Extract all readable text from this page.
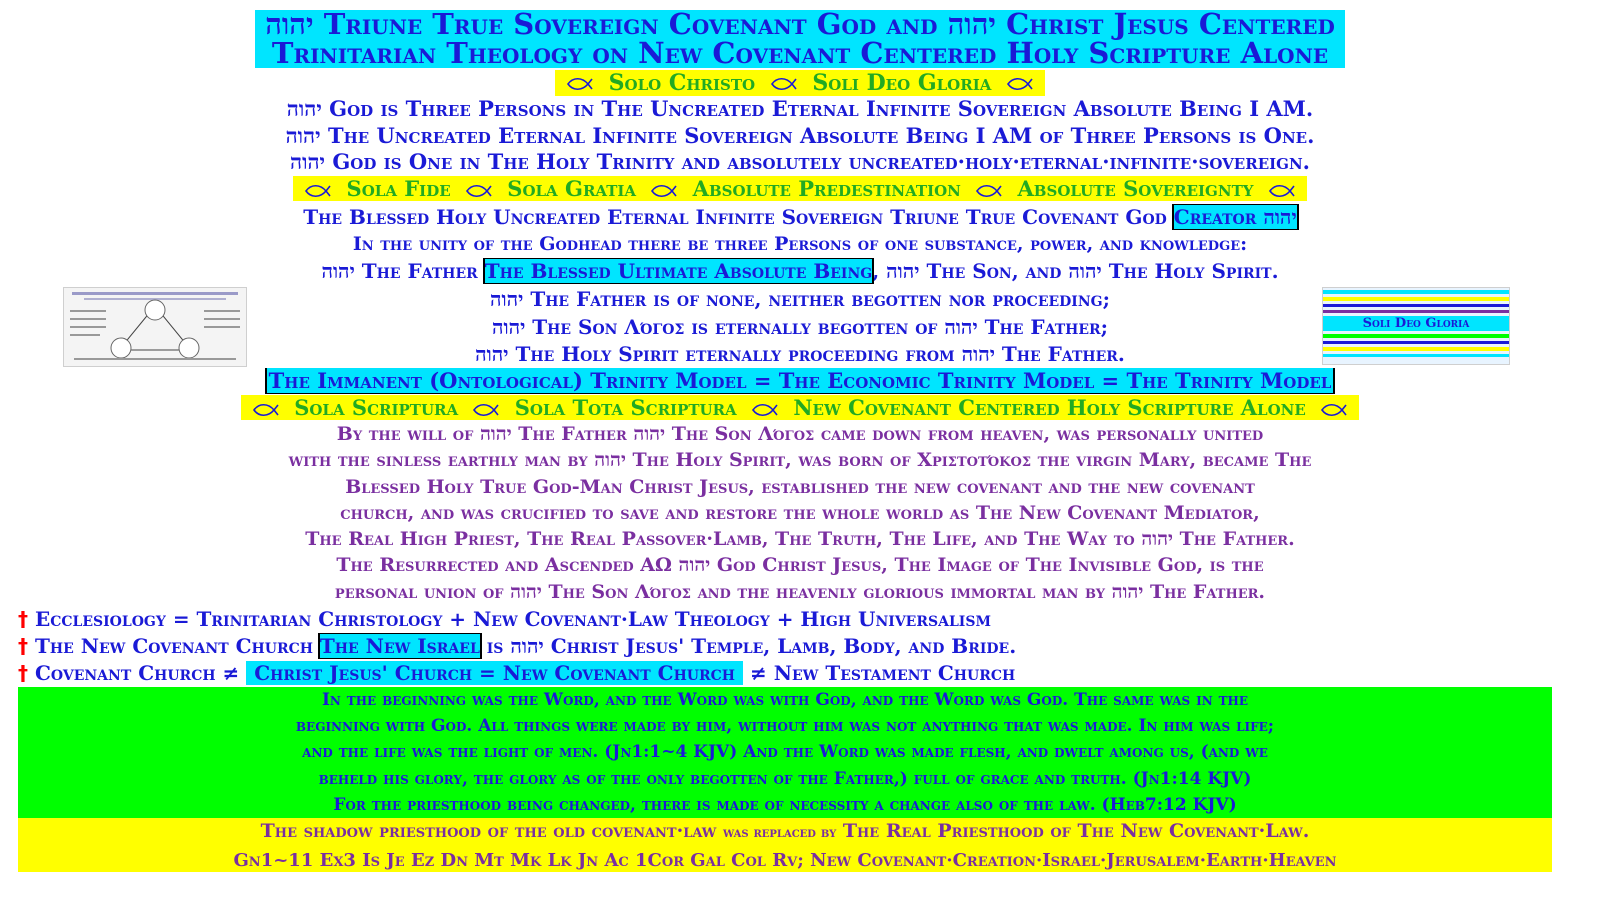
יהוה Triune True Sovereign Covenant God and יהוה Christ Jesus Centered
Trinitarian Theology on New Covenant Centered Holy Scripture Alone
Solo Christo	Soli Deo Gloria
יהוה God is Three Persons in The Uncreated Eternal Infinite Sovereign Absolute Being I AM.
יהוה The Uncreated Eternal Infinite Sovereign Absolute Being I AM of Three Persons is One.
יהוה God is One in The Holy Trinity and absolutely uncreated·holy·eternal·infinite·sovereign.
Sola Fide	Sola Gratia	Absolute Predestination	Absolute Sovereignty
The Blessed Holy Uncreated Eternal Infinite Sovereign Triune True Covenant God Creator יהוה
In the unity of the Godhead there be three Persons of one substance, power, and knowledge:
יהוה The Father The Blessed Ultimate Absolute Being, יהוה The Son, and יהוה The Holy Spirit.
יהוה The Father is of none, neither begotten nor proceeding;
יהוה The Son Λόγος is eternally begotten of יהוה The Father;
יהוה The Holy Spirit eternally proceeding from יהוה The Father.
Soli Deo Gloria
The Immanent (Ontological) Trinity Model = The Economic Trinity Model = The Trinity Model
Sola Scriptura	Sola Tota Scriptura	New Covenant Centered Holy Scripture Alone
By the will of יהוה The Father יהוה The Son Λόγος came down from heaven, was personally united
with the sinless earthly man by יהוה The Holy Spirit, was born of Χριστοτόκος the virgin Mary, became The
Blessed Holy True God-Man Christ Jesus, established the new covenant and the new covenant
church, and was crucified to save and restore the whole world as The New Covenant Mediator,
The Real High Priest, The Real Passover·Lamb, The Truth, The Life, and The Way to יהוה The Father.
The Resurrected and Ascended ΑΩ יהוה God Christ Jesus, The Image of The Invisible God, is the
personal union of יהוה The Son Λόγος and the heavenly glorious immortal man by יהוה The Father.
† Ecclesiology = Trinitarian Christology + New Covenant·Law Theology + High Universalism
† The New Covenant Church The New Israel is יהוה Christ Jesus' Temple, Lamb, Body, and Bride.
† Covenant Church ≠ Christ Jesus' Church = New Covenant Church ≠ New Testament Church
In the beginning was the Word, and the Word was with God, and the Word was God. The same was in the
beginning with God. All things were made by him, without him was not anything that was made. In him was life;
and the life was the light of men. (Jn1:1~4 KJV) And the Word was made flesh, and dwelt among us, (and we
beheld his glory, the glory as of the only begotten of the Father,) full of grace and truth. (Jn1:14 KJV)
For the priesthood being changed, there is made of necessity a change also of the law. (Heb7:12 KJV)
The shadow priesthood of the old covenant·law was replaced by The Real Priesthood of The New Covenant·Law.
Gn1~11 Ex3 Is Je Ez Dn Mt Mk Lk Jn Ac 1Cor Gal Col Rv; New Covenant·Creation·Israel·Jerusalem·Earth·Heaven
